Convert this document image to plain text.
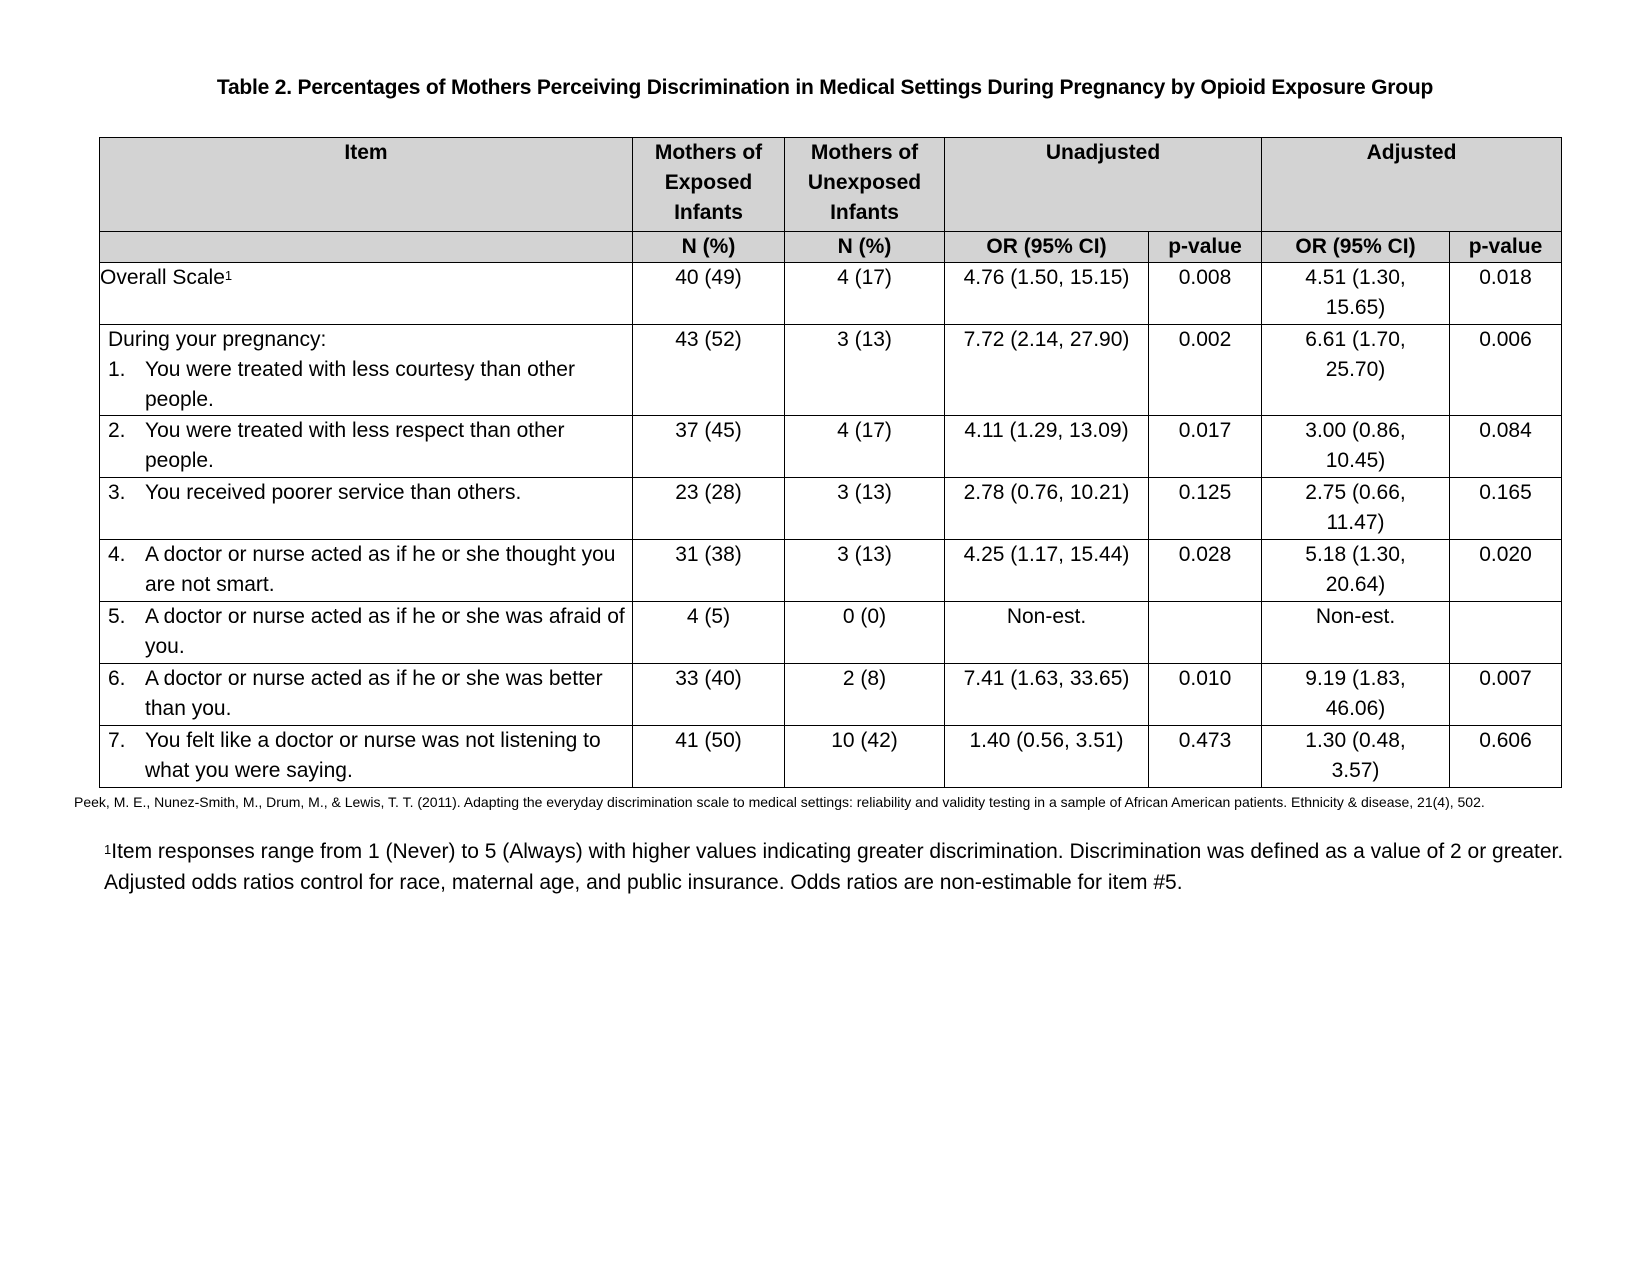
Table 2. Percentages of Mothers Perceiving Discrimination in Medical Settings During Pregnancy by Opioid Exposure Group
Item	Mothers of Exposed Infants	Mothers of Unexposed Infants	Unadjusted		Adjusted	
	N (%)	N (%)	OR (95% CI)	p-value	OR (95% CI)	p-value

Overall Scale$^1$	40 (49)	4 (17)	4.76 (1.50, 15.15)	0.008	4.51 (1.30, 15.65)	0.018

During your pregnancy:
1. You were treated with less courtesy than other people.	43 (52)	3 (13)	7.72 (2.14, 27.90)	0.002	6.61 (1.70, 25.70)	0.006

2. You were treated with less respect than other people.	37 (45)	4 (17)	4.11 (1.29, 13.09)	0.017	3.00 (0.86, 10.45)	0.084

3. You received poorer service than others.	23 (28)	3 (13)	2.78 (0.76, 10.21)	0.125	2.75 (0.66, 11.47)	0.165

4. A doctor or nurse acted as if he or she thought you are not smart.	31 (38)	3 (13)	4.25 (1.17, 15.44)	0.028	5.18 (1.30, 20.64)	0.020

5. A doctor or nurse acted as if he or she was afraid of you.	4 (5)	0 (0)	Non-est.		Non-est.	

6. A doctor or nurse acted as if he or she was better than you.	33 (40)	2 (8)	7.41 (1.63, 33.65)	0.010	9.19 (1.83, 46.06)	0.007

7. You felt like a doctor or nurse was not listening to what you were saying.	41 (50)	10 (42)	1.40 (0.56, 3.51)	0.473	1.30 (0.48, 3.57)	0.606
Peek, M. E., Nunez-Smith, M., Drum, M., & Lewis, T. T. (2011). Adapting the everyday discrimination scale to medical settings: reliability and validity testing in a sample of African American patients. Ethnicity & disease, 21(4), 502.
$^1$Item responses range from 1 (Never) to 5 (Always) with higher values indicating greater discrimination. Discrimination was defined as a value of 2 or greater. Adjusted odds ratios control for race, maternal age, and public insurance. Odds ratios are non-estimable for item #5.
